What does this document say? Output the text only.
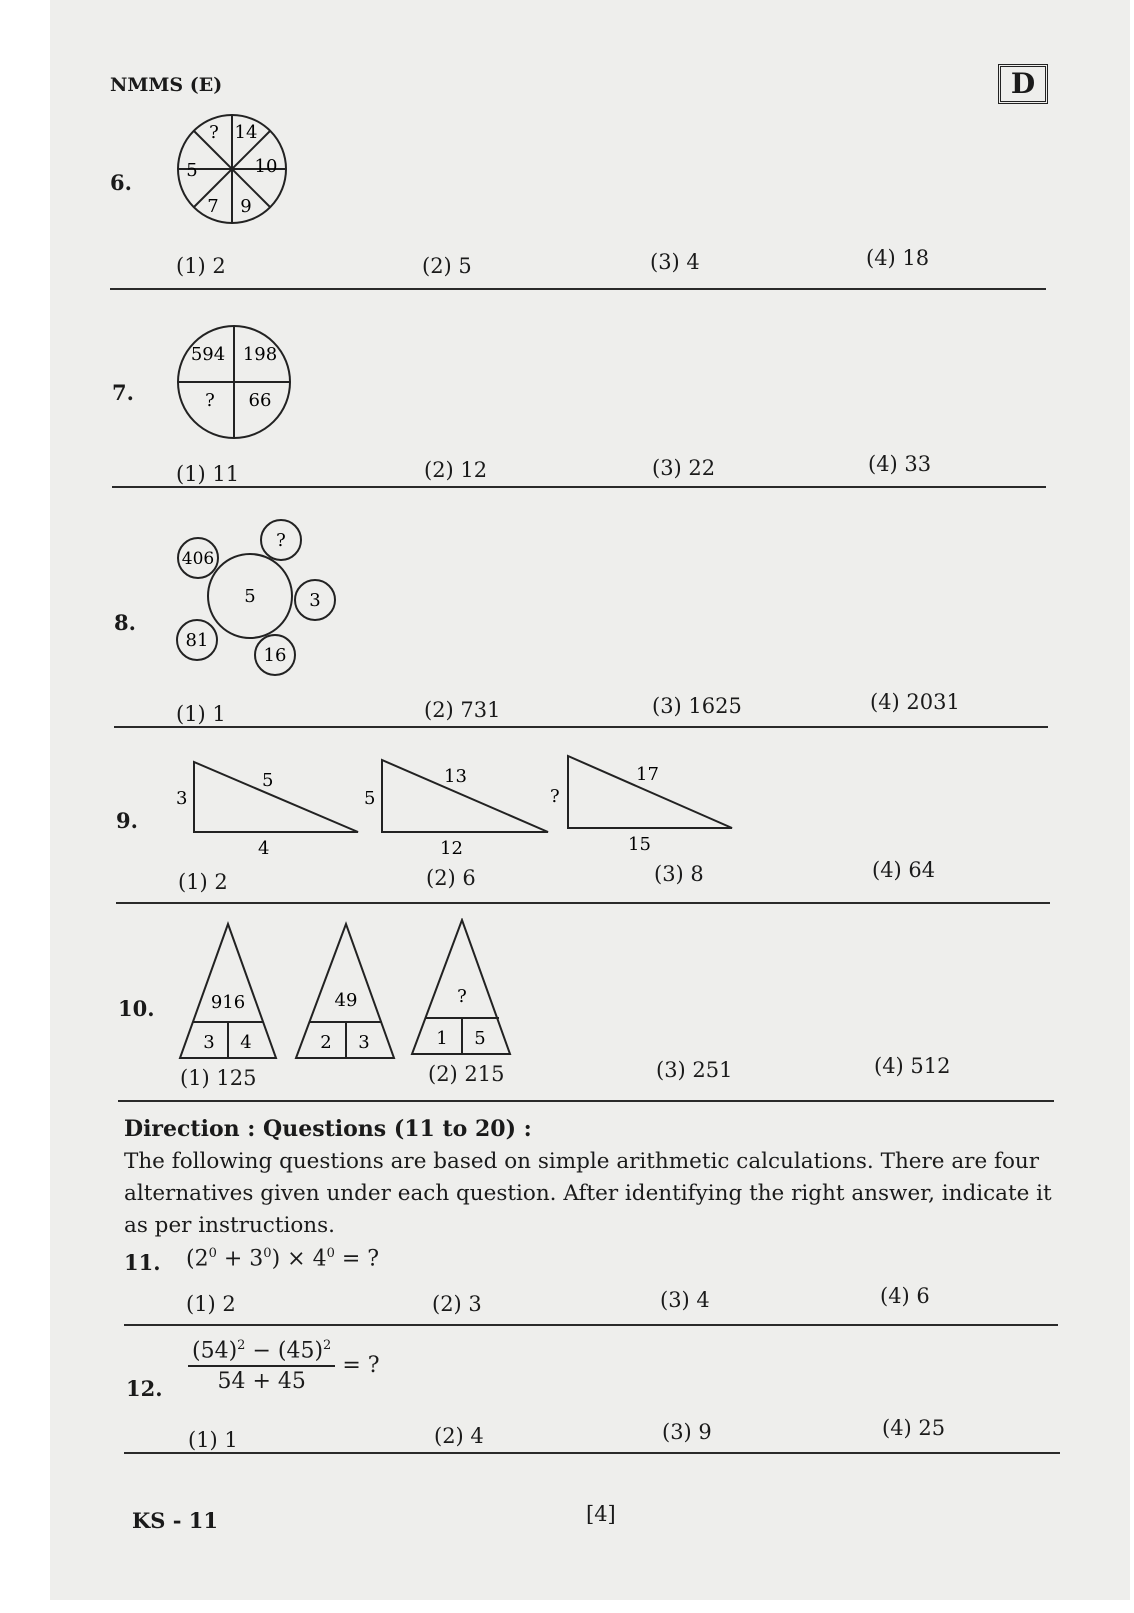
NMMS (E)	D
6.
? 14
5	10
7 9
(1) 2	(2) 5	(3) 4	(4) 18
7.
594 198
? 66
(1) 11	(2) 12	(3) 22	(4) 33
8.
5
406
?
3
16
81
(1) 1	(2) 731	(3) 1625	(4) 2031
9.
3
5
4
5
13
12
?
17
15
(1) 2	(2) 6	(3) 8	(4) 64
10.	916
3 4
49
2 3
?
1 5
(1) 125	(2) 215	(3) 251	(4) 512
Direction : Questions (11 to 20) :
The following questions are based on simple arithmetic calculations. There are four alternatives given under each question. After identifying the right answer, indicate it as per instructions.
11. $(2^0 + 3^0) \times 4^0$ = ?
(1) 2	(2) 3	(3) 4	(4) 6
12. $\frac{(54)^2 - (45)^2}{54 + 45}$ = ?
(1) 1	(2) 4	(3) 9	(4) 25
KS - 11	[4]
